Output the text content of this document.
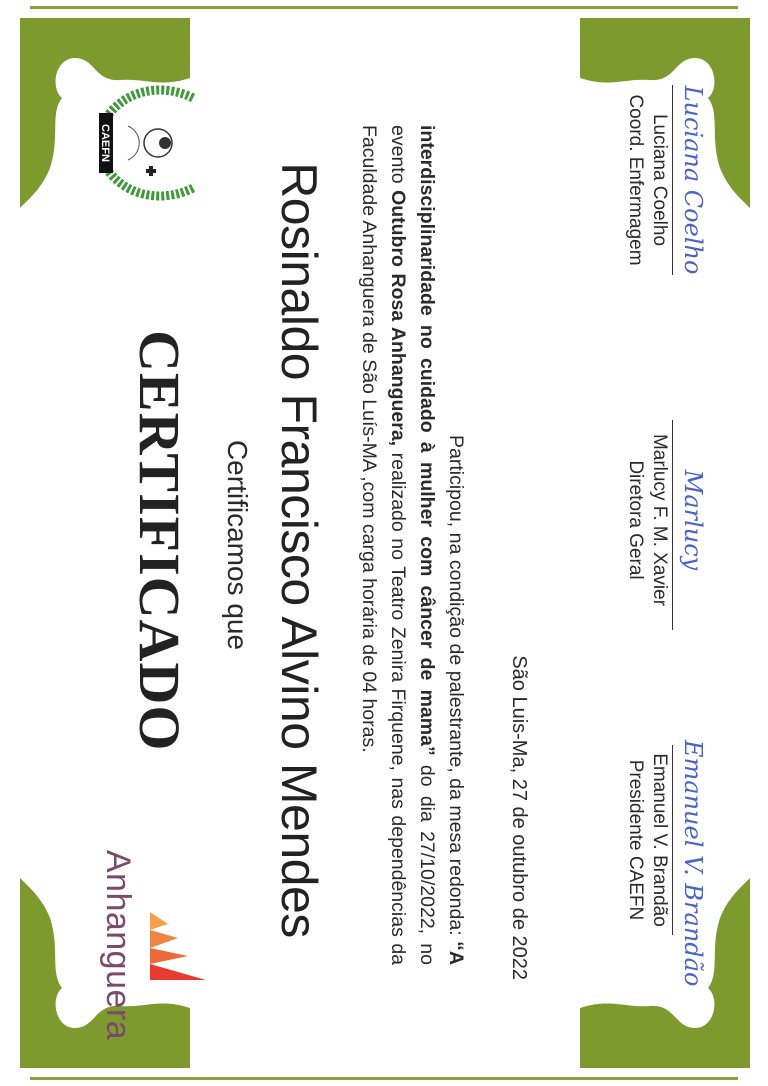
Anhanguera
CAEFN
CERTIFICADO Certificamos que Rosinaldo Francisco Alvino Mendes	Participou, na condição de palestrante, da mesa redonda: “A interdisciplinaridade no cuidado à mulher com câncer de mama” do dia 27/10/2022, no evento Outubro Rosa Anhanguera, realizado no Teatro Zenira Firquene, nas dependências da Faculdade Anhanguera de São Luís-MA ,com carga horária de 04 horas.
São Luis-Ma, 27 de outubro de 2022
Luciana Coelho
Luciana Coelho
Coord. Enfermagem
Marlucy
Marlucy F. M. Xavier
Diretora Geral
Emanuel V. Brandão
Emanuel V. Brandão
Presidente CAEFN
